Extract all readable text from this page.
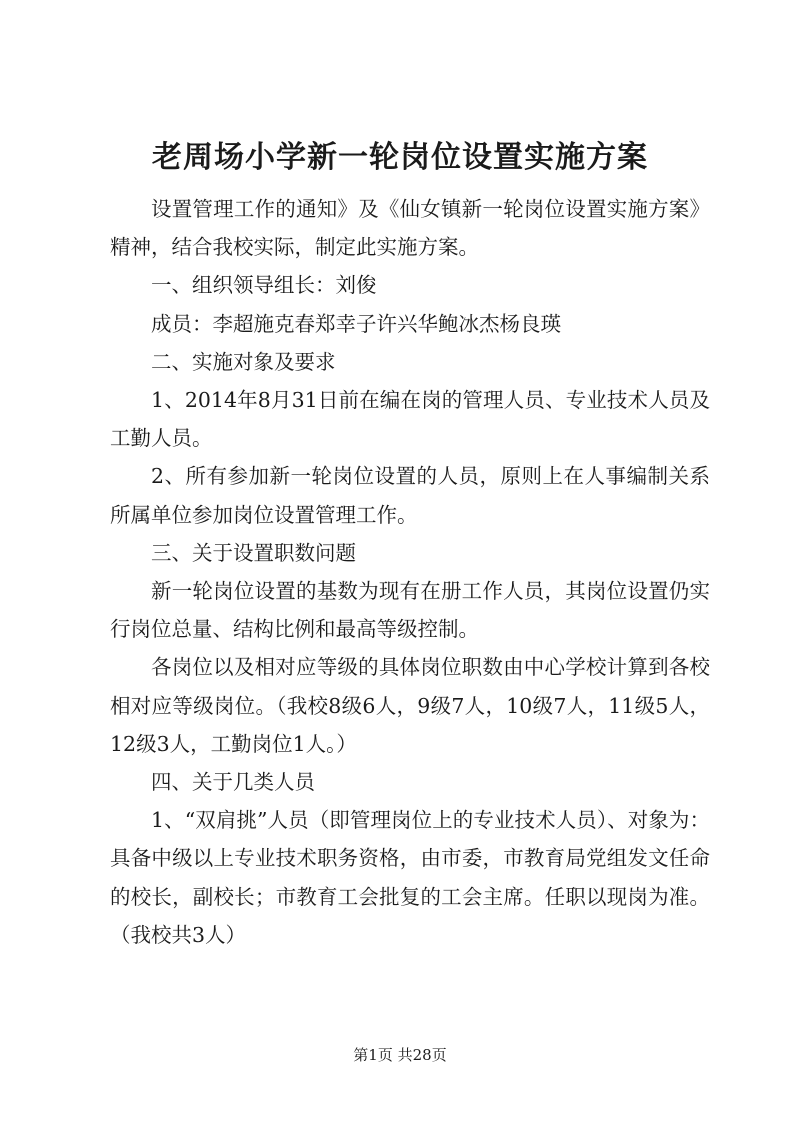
老周场小学新一轮岗位设置实施方案

设置管理工作的通知》及《仙女镇新一轮岗位设置实施方案》精神，结合我校实际，制定此实施方案。

一、组织领导组长：刘俊

成员：李超施克春郑幸子许兴华鲍冰杰杨良瑛

二、实施对象及要求

1、2014年8月31日前在编在岗的管理人员、专业技术人员及工勤人员。

2、所有参加新一轮岗位设置的人员，原则上在人事编制关系所属单位参加岗位设置管理工作。

三、关于设置职数问题

新一轮岗位设置的基数为现有在册工作人员，其岗位设置仍实行岗位总量、结构比例和最高等级控制。

各岗位以及相对应等级的具体岗位职数由中心学校计算到各校相对应等级岗位。（我校8级6人，9级7人，10级7人，11级5人，12级3人，工勤岗位1人。）

四、关于几类人员

1、“双肩挑”人员（即管理岗位上的专业技术人员）、对象为：具备中级以上专业技术职务资格，由市委，市教育局党组发文任命的校长，副校长；市教育工会批复的工会主席。任职以现岗为准。（我校共3人）

第1页 共28页
